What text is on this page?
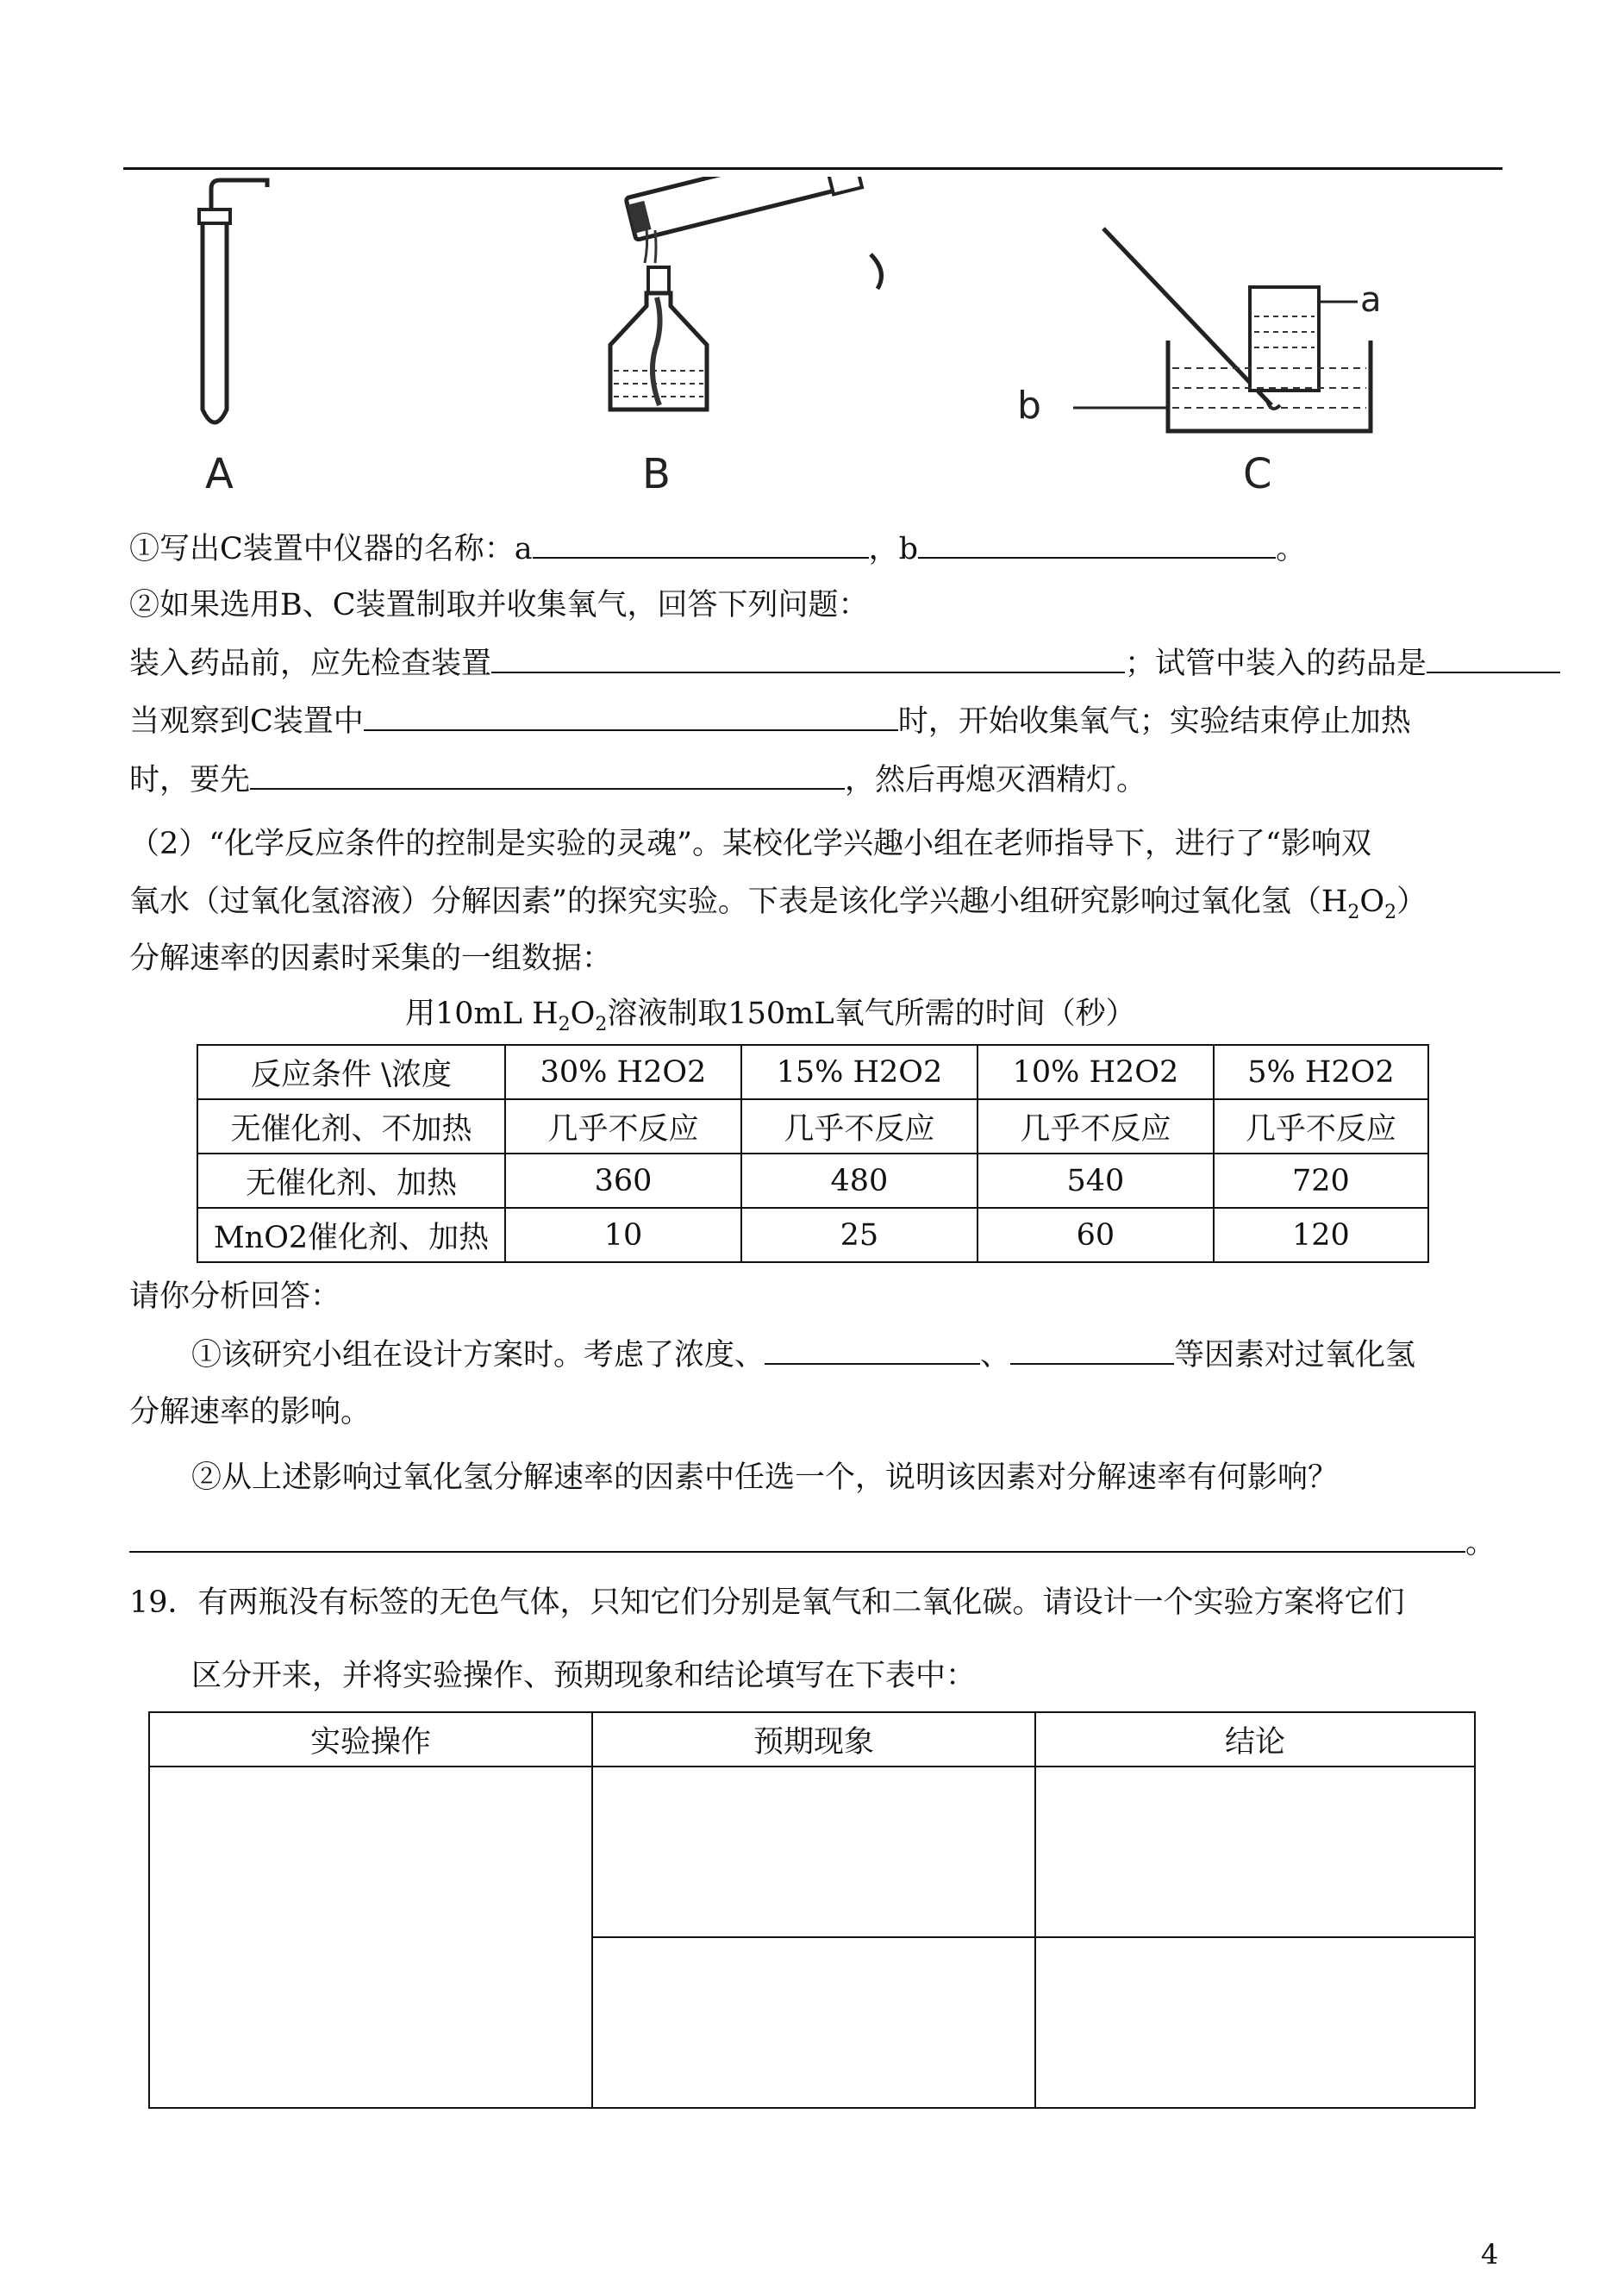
A	B
a
b
C
①写出C装置中仪器的名称：a	，b	。
②如果选用B、C装置制取并收集氧气，回答下列问题：
装入药品前，应先检查装置	；试管中装入的药品是
当观察到C装置中	时，开始收集氧气；实验结束停止加热
时，要先	，然后再熄灭酒精灯。
（2）“化学反应条件的控制是实验的灵魂”。某校化学兴趣小组在老师指导下，进行了“影响双
氧水（过氧化氢溶液）分解因素”的探究实验。下表是该化学兴趣小组研究影响过氧化氢$(H_2O_2)$
分解速率的因素时采集的一组数据：
用10mL $H_2O_2$溶液制取150mL氧气所需的时间（秒）
反应条件 \浓度	30% H2O2	15% H2O2	10% H2O2	5% H2O2
无催化剂、不加热	几乎不反应	几乎不反应	几乎不反应	几乎不反应
无催化剂、加热	360	480	540	720
MnO2催化剂、加热	10	25	60	120
请你分析回答：
①该研究小组在设计方案时。考虑了浓度、	、	等因素对过氧化氢
分解速率的影响。
②从上述影响过氧化氢分解速率的因素中任选一个，说明该因素对分解速率有何影响？
。
19．有两瓶没有标签的无色气体，只知它们分别是氧气和二氧化碳。请设计一个实验方案将它们
区分开来，并将实验操作、预期现象和结论填写在下表中：
实验操作	预期现象	结论

4
